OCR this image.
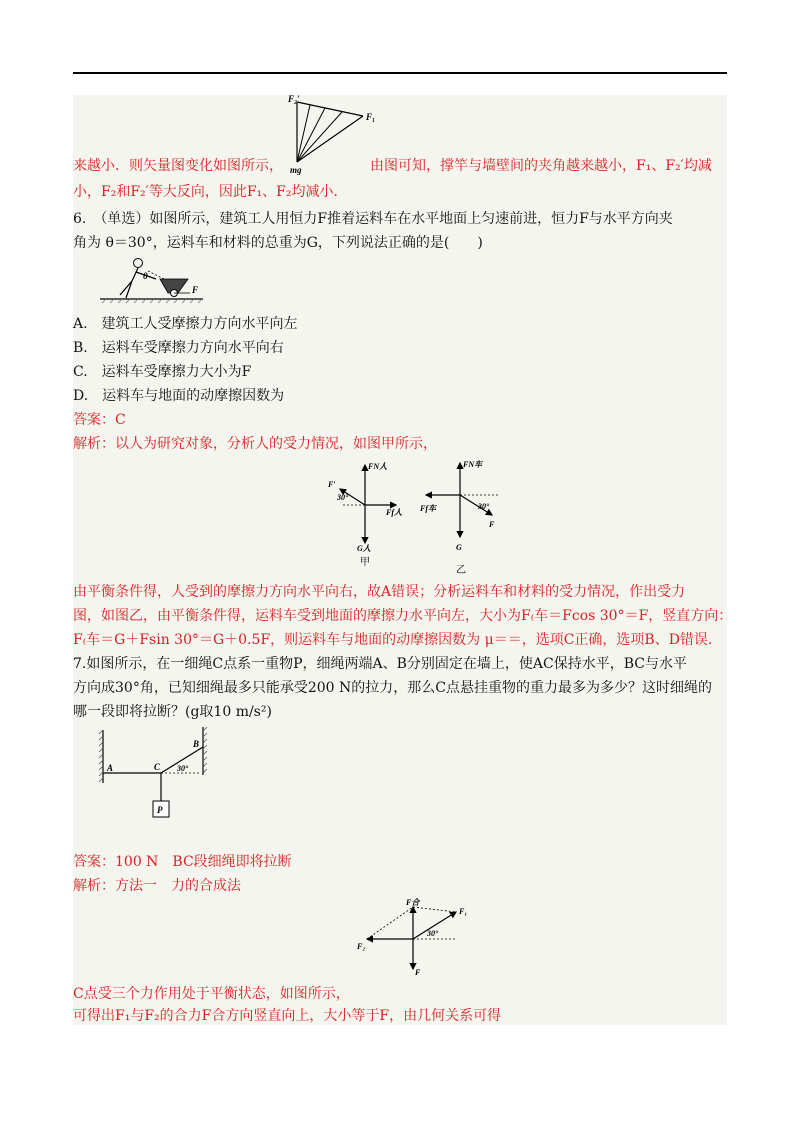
F₂′
F₁
mg
来越小．则矢量图变化如图所示，	由图可知，撑竿与墙壁间的夹角越来越小，F₁、F₂′均减
小，F₂和F₂′等大反向，因此F₁、F₂均减小．
6.　（单选）如图所示，建筑工人用恒力F推着运料车在水平地面上匀速前进，恒力F与水平方向夹
角为 θ＝30°，运料车和材料的总重为G，下列说法正确的是(　　)
θ
F
A.　建筑工人受摩擦力方向水平向左
B.　运料车受摩擦力方向水平向右
C.　运料车受摩擦力大小为F
D.　运料车与地面的动摩擦因数为
答案：C
解析：以人为研究对象，分析人的受力情况，如图甲所示，
FN人
F′
30°
Ff人
G人
FN车
Ff车	30°
F
G
甲
乙
由平衡条件得，人受到的摩擦力方向水平向右，故A错误；分析运料车和材料的受力情况，作出受力
图，如图乙，由平衡条件得，运料车受到地面的摩擦力水平向左，大小为F₍车＝Fcos 30°＝F，竖直方向：
F₍车＝G＋Fsin 30°＝G＋0.5F，则运料车与地面的动摩擦因数为 μ＝＝，选项C正确，选项B、D错误．
7.如图所示，在一细绳C点系一重物P，细绳两端A、B分别固定在墙上，使AC保持水平，BC与水平
方向成30°角，已知细绳最多只能承受200 N的拉力，那么C点悬挂重物的重力最多为多少？这时细绳的
哪一段即将拉断？(g取10 m/s²)
A	C
B
30°
P
答案：100 N　BC段细绳即将拉断
解析：方法一　力的合成法
F合
F₁
F₂
30°
F
C点受三个力作用处于平衡状态，如图所示，
可得出F₁与F₂的合力F合方向竖直向上，大小等于F，由几何关系可得
